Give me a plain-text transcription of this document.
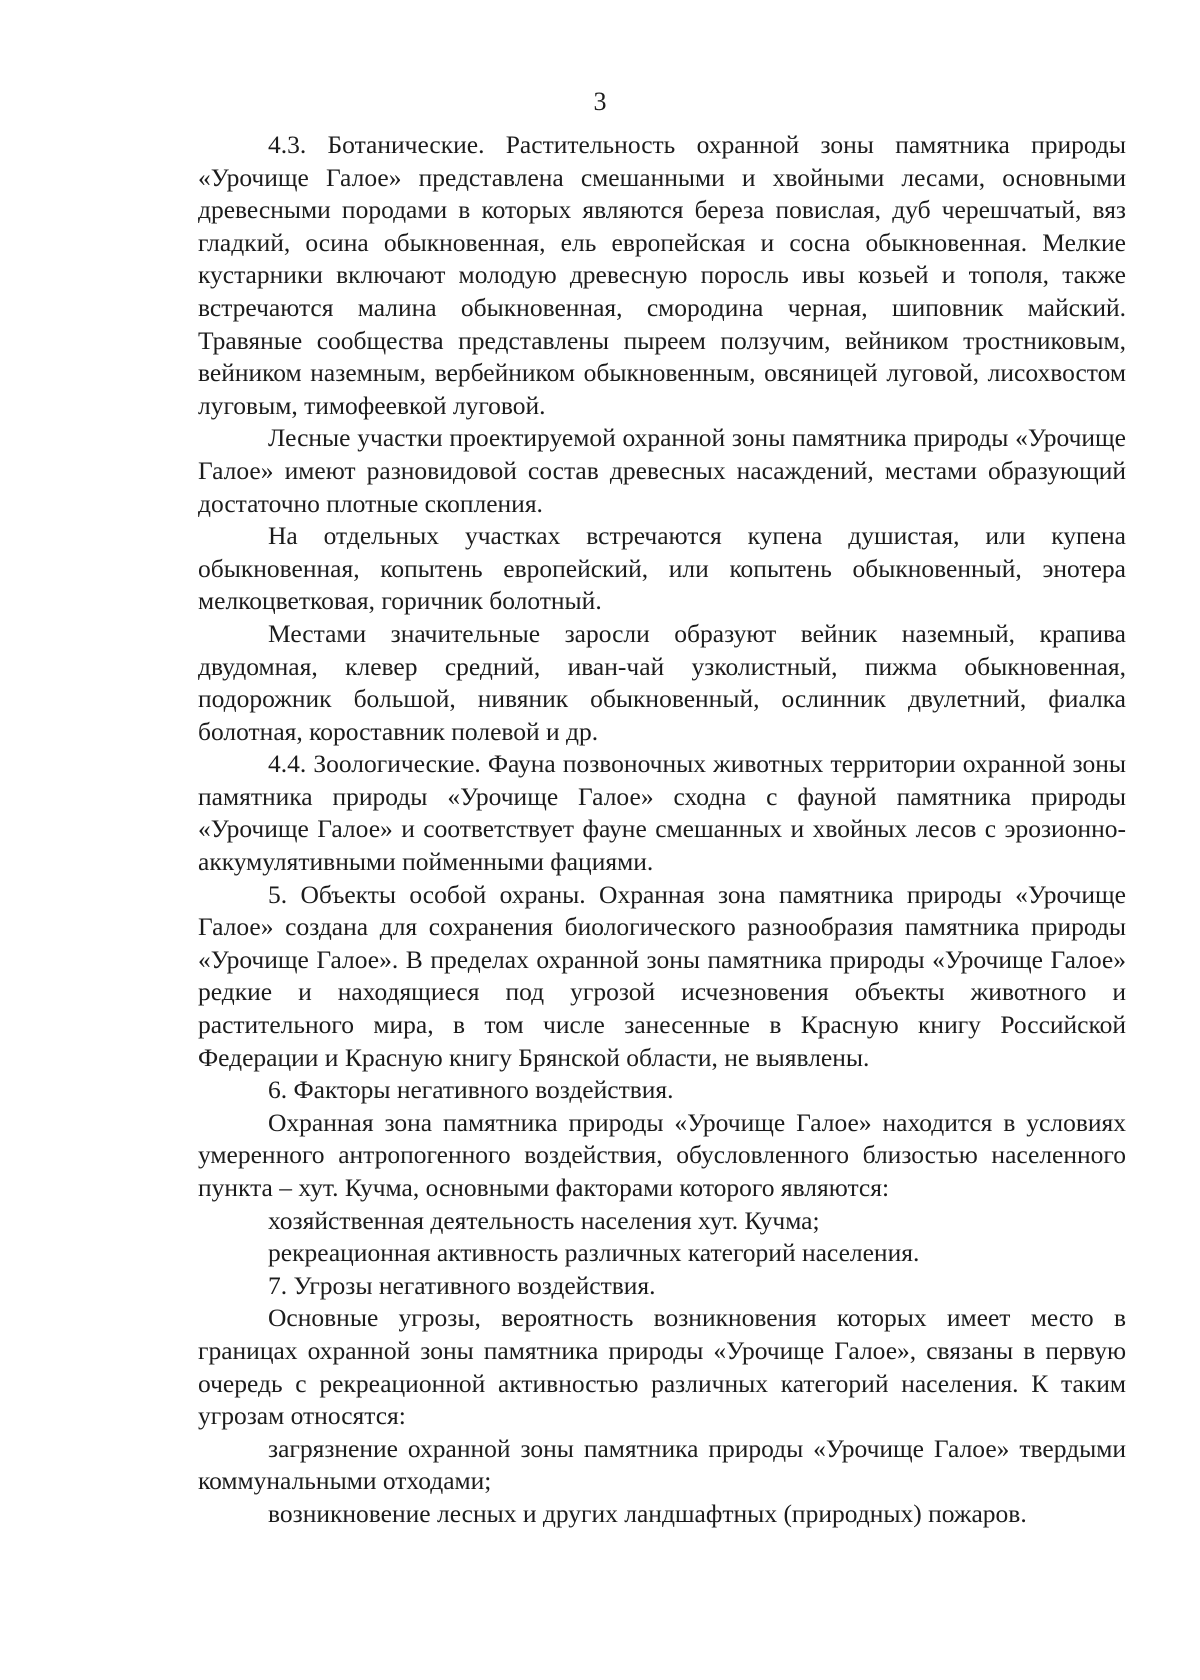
3

4.3. Ботанические. Растительность охранной зоны памятника природы «Урочище Галое» представлена смешанными и хвойными лесами, основными древесными породами в которых являются береза повислая, дуб черешчатый, вяз гладкий, осина обыкновенная, ель европейская и сосна обыкновенная. Мелкие кустарники включают молодую древесную поросль ивы козьей и тополя, также встречаются малина обыкновенная, смородина черная, шиповник майский. Травяные сообщества представлены пыреем ползучим, вейником тростниковым, вейником наземным, вербейником обыкновенным, овсяницей луговой, лисохвостом луговым, тимофеевкой луговой.

Лесные участки проектируемой охранной зоны памятника природы «Урочище Галое» имеют разновидовой состав древесных насаждений, местами образующий достаточно плотные скопления.

На отдельных участках встречаются купена душистая, или купена обыкновенная, копытень европейский, или копытень обыкновенный, энотера мелкоцветковая, горичник болотный.

Местами значительные заросли образуют вейник наземный, крапива двудомная, клевер средний, иван-чай узколистный, пижма обыкновенная, подорожник большой, нивяник обыкновенный, ослинник двулетний, фиалка болотная, короставник полевой и др.

4.4. Зоологические. Фауна позвоночных животных территории охранной зоны памятника природы «Урочище Галое» сходна с фауной памятника природы «Урочище Галое» и соответствует фауне смешанных и хвойных лесов с эрозионно-аккумулятивными пойменными фациями.

5. Объекты особой охраны. Охранная зона памятника природы «Урочище Галое» создана для сохранения биологического разнообразия памятника природы «Урочище Галое». В пределах охранной зоны памятника природы «Урочище Галое» редкие и находящиеся под угрозой исчезновения объекты животного и растительного мира, в том числе занесенные в Красную книгу Российской Федерации и Красную книгу Брянской области, не выявлены.

6. Факторы негативного воздействия.

Охранная зона памятника природы «Урочище Галое» находится в условиях умеренного антропогенного воздействия, обусловленного близостью населенного пункта – хут. Кучма, основными факторами которого являются:

хозяйственная деятельность населения хут. Кучма;

рекреационная активность различных категорий населения.

7. Угрозы негативного воздействия.

Основные угрозы, вероятность возникновения которых имеет место в границах охранной зоны памятника природы «Урочище Галое», связаны в первую очередь с рекреационной активностью различных категорий населения. К таким угрозам относятся:

загрязнение охранной зоны памятника природы «Урочище Галое» твердыми коммунальными отходами;

возникновение лесных и других ландшафтных (природных) пожаров.
